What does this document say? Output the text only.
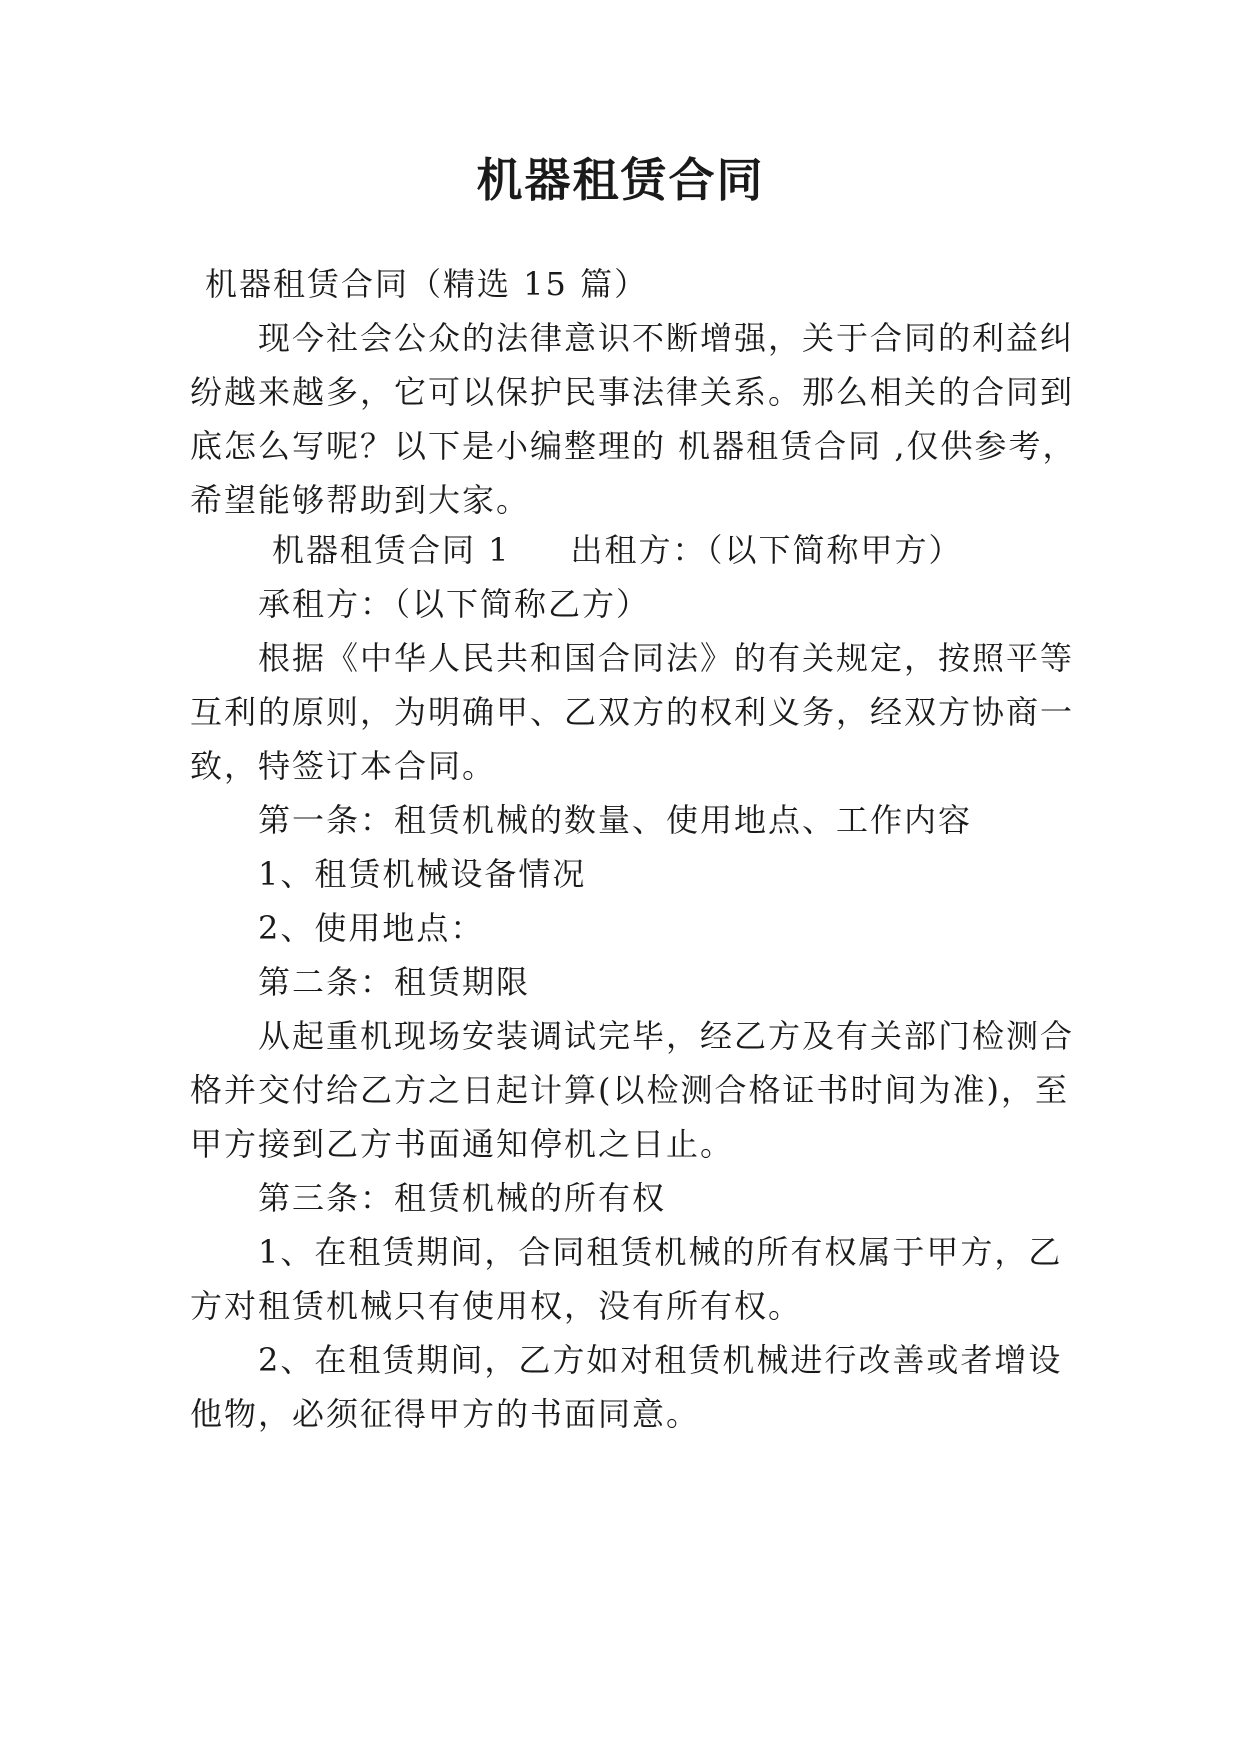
机器租赁合同
机器租赁合同（精选 15 篇）
现今社会公众的法律意识不断增强，关于合同的利益纠
纷越来越多，它可以保护民事法律关系。那么相关的合同到
底怎么写呢？以下是小编整理的 机器租赁合同 ,仅供参考，
希望能够帮助到大家。
机器租赁合同 1 出租方：（以下简称甲方）
承租方：（以下简称乙方）
根据《中华人民共和国合同法》的有关规定，按照平等
互利的原则，为明确甲、乙双方的权利义务，经双方协商一
致，特签订本合同。
第一条：租赁机械的数量、使用地点、工作内容
1、租赁机械设备情况
2、使用地点：
第二条：租赁期限
从起重机现场安装调试完毕，经乙方及有关部门检测合
格并交付给乙方之日起计算(以检测合格证书时间为准)，至
甲方接到乙方书面通知停机之日止。
第三条：租赁机械的所有权
1、在租赁期间，合同租赁机械的所有权属于甲方，乙
方对租赁机械只有使用权，没有所有权。
2、在租赁期间，乙方如对租赁机械进行改善或者增设
他物，必须征得甲方的书面同意。
